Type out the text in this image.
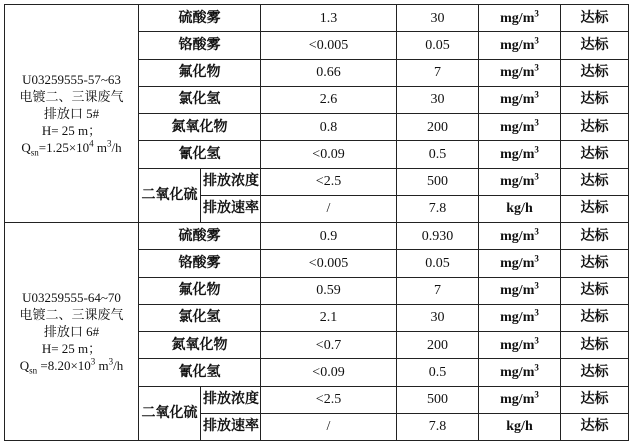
U03259555-57~63
电镀二、三课废气
排放口 5#
H= 25 m；
$Q_{sn}=1.25\times 10^4$ $m^3/h$	硫酸雾		1.3	30	$mg/m^3$	达标
	铬酸雾		<0.005	0.05	$mg/m^3$	达标
	氟化物		0.66	7	$mg/m^3$	达标
	氯化氢		2.6	30	$mg/m^3$	达标
	氮氧化物		0.8	200	$mg/m^3$	达标
	氰化氢		<0.09	0.5	$mg/m^3$	达标
	二氧化硫	排放浓度	<2.5	500	$mg/m^3$	达标
		排放速率	/	7.8	kg/h	达标

U03259555-64~70
电镀二、三课废气
排放口 6#
H= 25 m；
$Q_{sn} =8.20\times 10^3$ $m^3/h$	硫酸雾		0.9	0.930	$mg/m^3$	达标
	铬酸雾		<0.005	0.05	$mg/m^3$	达标
	氟化物		0.59	7	$mg/m^3$	达标
	氯化氢		2.1	30	$mg/m^3$	达标
	氮氧化物		<0.7	200	$mg/m^3$	达标
	氰化氢		<0.09	0.5	$mg/m^3$	达标
	二氧化硫	排放浓度	<2.5	500	$mg/m^3$	达标
		排放速率	/	7.8	kg/h	达标
